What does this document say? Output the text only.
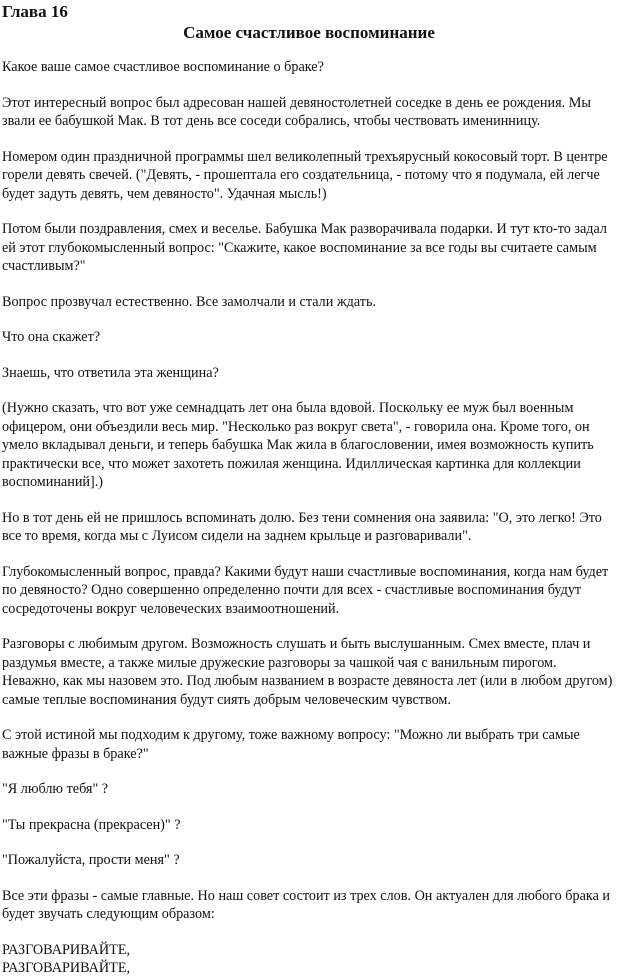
Глава 16
Самое счастливое воспоминание

Какое ваше самое счастливое воспоминание о браке?

Этот интересный вопрос был адресован нашей девяностолетней соседке в день ее рождения. Мы звали ее бабушкой Мак. В тот день все соседи собрались, чтобы чествовать именинницу.

Номером один праздничной программы шел великолепный трехъярусный кокосовый торт. В центре горели девять свечей. ("Девять, - прошептала его создательница, - потому что я подумала, ей легче будет задуть девять, чем девяносто". Удачная мысль!)

Потом были поздравления, смех и веселье. Бабушка Мак разворачивала подарки. И тут кто-то задал ей этот глубокомысленный вопрос: "Скажите, какое воспоминание за все годы вы считаете самым счастливым?"

Вопрос прозвучал естественно. Все замолчали и стали ждать.

Что она скажет?

Знаешь, что ответила эта женщина?

(Нужно сказать, что вот уже семнадцать лет она была вдовой. Поскольку ее муж был военным офицером, они объездили весь мир. "Несколько раз вокруг света", - говорила она. Кроме того, он умело вкладывал деньги, и теперь бабушка Мак жила в благословении, имея возможность купить практически все, что может захотеть пожилая женщина. Идиллическая картинка для коллекции воспоминаний].)

Но в тот день ей не пришлось вспоминать долю. Без тени сомнения она заявила: "О, это легко! Это все то время, когда мы с Луисом сидели на заднем крыльце и разговаривали".

Глубокомысленный вопрос, правда? Какими будут наши счастливые воспоминания, когда нам будет по девяносто? Одно совершенно определенно почти для всех - счастливые воспоминания будут сосредоточены вокруг человеческих взаимоотношений.

Разговоры с любимым другом. Возможность слушать и быть выслушанным. Смех вместе, плач и раздумья вместе, а также милые дружеские разговоры за чашкой чая с ванильным пирогом. Неважно, как мы назовем это. Под любым названием в возрасте девяноста лет (или в любом другом) самые теплые воспоминания будут сиять добрым человеческим чувством.

С этой истиной мы подходим к другому, тоже важному вопросу: "Можно ли выбрать три самые важные фразы в браке?"

"Я люблю тебя" ?

"Ты прекрасна (прекрасен)" ?

"Пожалуйста, прости меня" ?

Все эти фразы - самые главные. Но наш совет состоит из трех слов. Он актуален для любого брака и будет звучать следующим образом:

РАЗГОВАРИВАЙТЕ,

РАЗГОВАРИВАЙТЕ,
